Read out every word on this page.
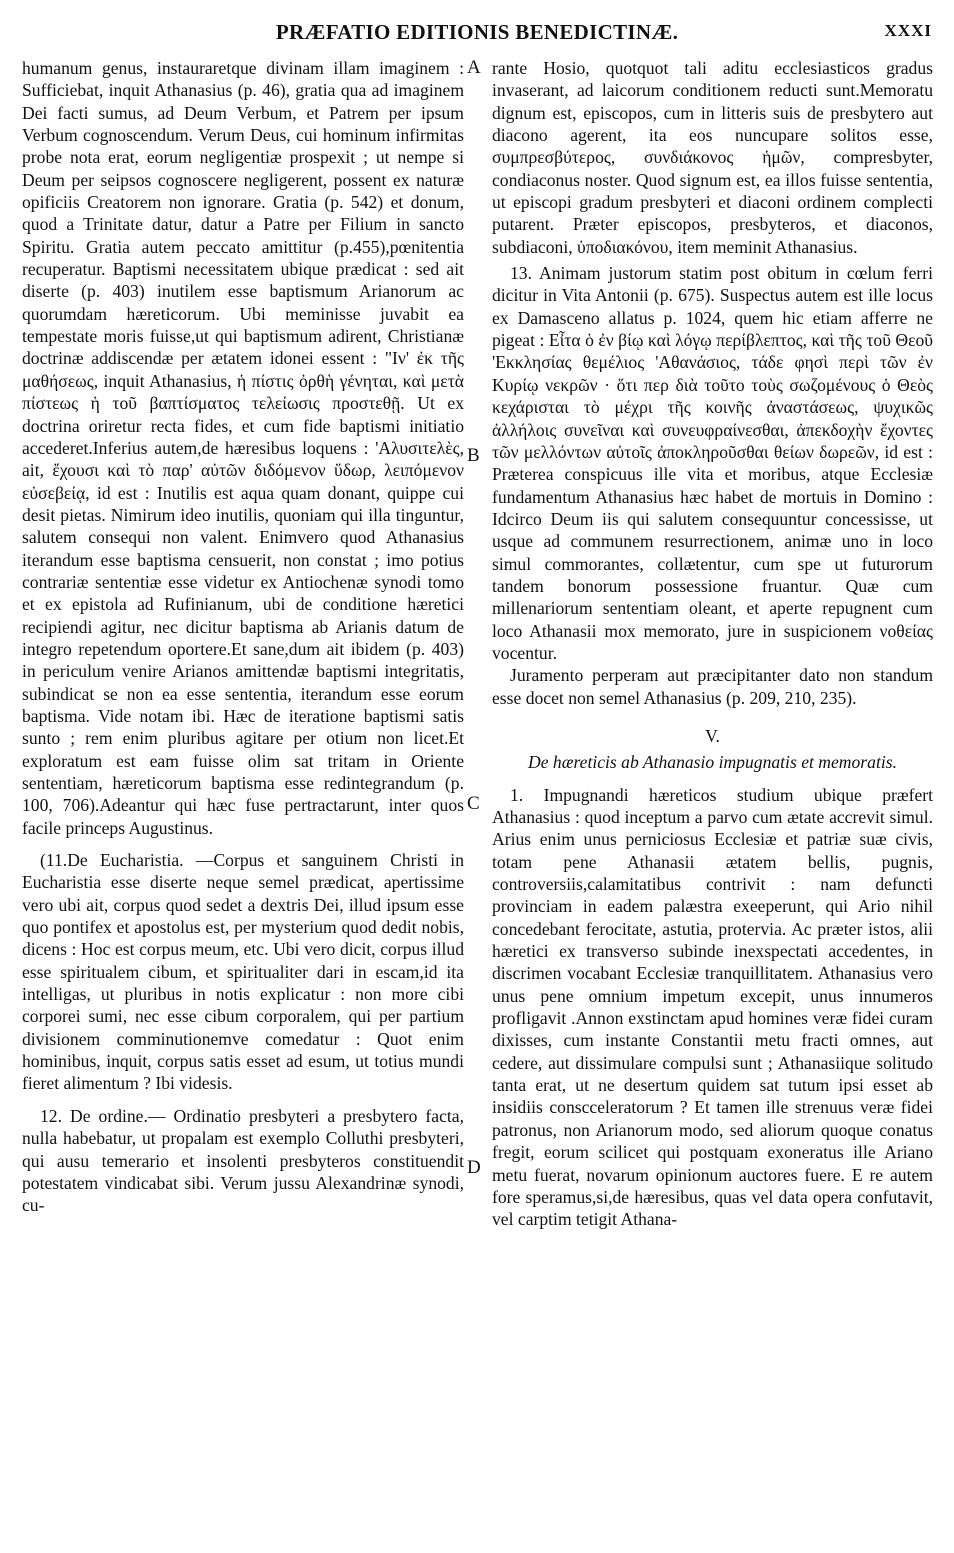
PRÆFATIO EDITIONIS BENEDICTINÆ.	XXXI
A
B
C
D

humanum genus, instauraretque divinam illam imaginem : Sufficiebat, inquit Athanasius (p. 46), gratia qua ad imaginem Dei facti sumus, ad Deum Verbum, et Patrem per ipsum Verbum cognoscendum. Verum Deus, cui hominum infirmitas probe nota erat, eorum negligentiæ prospexit ; ut nempe si Deum per seipsos cognoscere negligerent, possent ex naturæ opificiis Creatorem non ignorare. Gratia (p. 542) et donum, quod a Trinitate datur, datur a Patre per Filium in sancto Spiritu. Gratia autem peccato amittitur (p.455),pœnitentia recuperatur. Baptismi necessitatem ubique prædicat : sed ait diserte (p. 403) inutilem esse baptismum Arianorum ac quorumdam hæreticorum. Ubi meminisse juvabit ea tempestate moris fuisse,ut qui baptismum adirent, Christianæ doctrinæ addiscendæ per ætatem idonei essent : "Ιν' ἐκ τῆς μαθήσεως, inquit Athanasius, ἡ πίστις ὀρθὴ γένηται, καὶ μετὰ πίστεως ἡ τοῦ βαπτίσματος τελείωσις προστεθῇ. Ut ex doctrina oriretur recta fides, et cum fide baptismi initiatio accederet.Inferius autem,de hæresibus loquens : 'Αλυσιτελὲς, ait, ἔχουσι καὶ τὸ παρ' αὐτῶν διδόμενον ὕδωρ, λειπόμενον εὐσεβείᾳ, id est : Inutilis est aqua quam donant, quippe cui desit pietas. Nimirum ideo inutilis, quoniam qui illa tinguntur, salutem consequi non valent. Enimvero quod Athanasius iterandum esse baptisma censuerit, non constat ; imo potius contrariæ sententiæ esse videtur ex Antiochenæ synodi tomo et ex epistola ad Rufinianum, ubi de conditione hæretici recipiendi agitur, nec dicitur baptisma ab Arianis datum de integro repetendum oportere.Et sane,dum ait ibidem (p. 403) in periculum venire Arianos amittendæ baptismi integritatis, subindicat se non ea esse sententia, iterandum esse eorum baptisma. Vide notam ibi. Hæc de iteratione baptismi satis sunto ; rem enim pluribus agitare per otium non licet.Et exploratum est eam fuisse olim sat tritam in Oriente sententiam, hæreticorum baptisma esse redintegrandum (p. 100, 706).Adeantur qui hæc fuse pertractarunt, inter quos facile princeps Augustinus.

(11.De Eucharistia. —Corpus et sanguinem Christi in Eucharistia esse diserte neque semel prædicat, apertissime vero ubi ait, corpus quod sedet a dextris Dei, illud ipsum esse quo pontifex et apostolus est, per mysterium quod dedit nobis, dicens : Hoc est corpus meum, etc. Ubi vero dicit, corpus illud esse spiritualem cibum, et spiritualiter dari in escam,id ita intelligas, ut pluribus in notis explicatur : non more cibi corporei sumi, nec esse cibum corporalem, qui per partium divisionem comminutionemve comedatur : Quot enim hominibus, inquit, corpus satis esset ad esum, ut totius mundi fieret alimentum ? Ibi videsis.

12. De ordine.— Ordinatio presbyteri a presbytero facta, nulla habebatur, ut propalam est exemplo Colluthi presbyteri, qui ausu temerario et insolenti presbyteros constituendit potestatem vindicabat sibi. Verum jussu Alexandrinæ synodi, cu-

rante Hosio, quotquot tali aditu ecclesiasticos gradus invaserant, ad laicorum conditionem reducti sunt.Memoratu dignum est, episcopos, cum in litteris suis de presbytero aut diacono agerent, ita eos nuncupare solitos esse, συμπρεσβύτερος, συνδιάκονος ἡμῶν, compresbyter, condiaconus noster. Quod signum est, ea illos fuisse sententia, ut episcopi gradum presbyteri et diaconi ordinem complecti putarent. Præter episcopos, presbyteros, et diaconos, subdiaconi, ὑποδιακόνου, item meminit Athanasius.

13. Animam justorum statim post obitum in cœlum ferri dicitur in Vita Antonii (p. 675). Suspectus autem est ille locus ex Damasceno allatus p. 1024, quem hic etiam afferre ne pigeat : Εἶτα ὁ ἐν βίῳ καὶ λόγῳ περίβλεπτος, καὶ τῆς τοῦ Θεοῦ 'Εκκλησίας θεμέλιος 'Αθανάσιος, τάδε φησὶ περὶ τῶν ἐν Κυρίῳ νεκρῶν · ὅτι περ διὰ τοῦτο τοὺς σωζομένους ὁ Θεὸς κεχάρισται τὸ μέχρι τῆς κοινῆς ἀναστάσεως, ψυχικῶς ἀλλήλοις συνεῖναι καὶ συνευφραίνεσθαι, ἀπεκδοχὴν ἔχοντες τῶν μελλόντων αὐτοῖς ἀποκληροῦσθαι θείων δωρεῶν, id est : Præterea conspicuus ille vita et moribus, atque Ecclesiæ fundamentum Athanasius hæc habet de mortuis in Domino : Idcirco Deum iis qui salutem consequuntur concessisse, ut usque ad communem resurrectionem, animæ uno in loco simul commorantes, collætentur, cum spe ut futurorum tandem bonorum possessione fruantur. Quæ cum millenariorum sententiam oleant, et aperte repugnent cum loco Athanasii mox memorato, jure in suspicionem νοθείας vocentur.

Juramento perperam aut præcipitanter dato non standum esse docet non semel Athanasius (p. 209, 210, 235).

V.

De hæreticis ab Athanasio impugnatis et memoratis.

1. Impugnandi hæreticos studium ubique præfert Athanasius : quod inceptum a parvo cum ætate accrevit simul. Arius enim unus perniciosus Ecclesiæ et patriæ suæ civis, totam pene Athanasii ætatem bellis, pugnis, controversiis,calamitatibus contrivit : nam defuncti provinciam in eadem palæstra exeeperunt, qui Ario nihil concedebant ferocitate, astutia, protervia. Ac præter istos, alii hæretici ex transverso subinde inexspectati accedentes, in discrimen vocabant Ecclesiæ tranquillitatem. Athanasius vero unus pene omnium impetum excepit, unus innumeros profligavit .Annon exstinctam apud homines veræ fidei curam dixisses, cum instante Constantii metu fracti omnes, aut cedere, aut dissimulare compulsi sunt ; Athanasiique solitudo tanta erat, ut ne desertum quidem sat tutum ipsi esset ab insidiis conscceleratorum ? Et tamen ille strenuus veræ fidei patronus, non Arianorum modo, sed aliorum quoque conatus fregit, eorum scilicet qui postquam exoneratus ille Ariano metu fuerat, novarum opinionum auctores fuere. E re autem fore speramus,si,de hæresibus, quas vel data opera confutavit, vel carptim tetigit Athana-
